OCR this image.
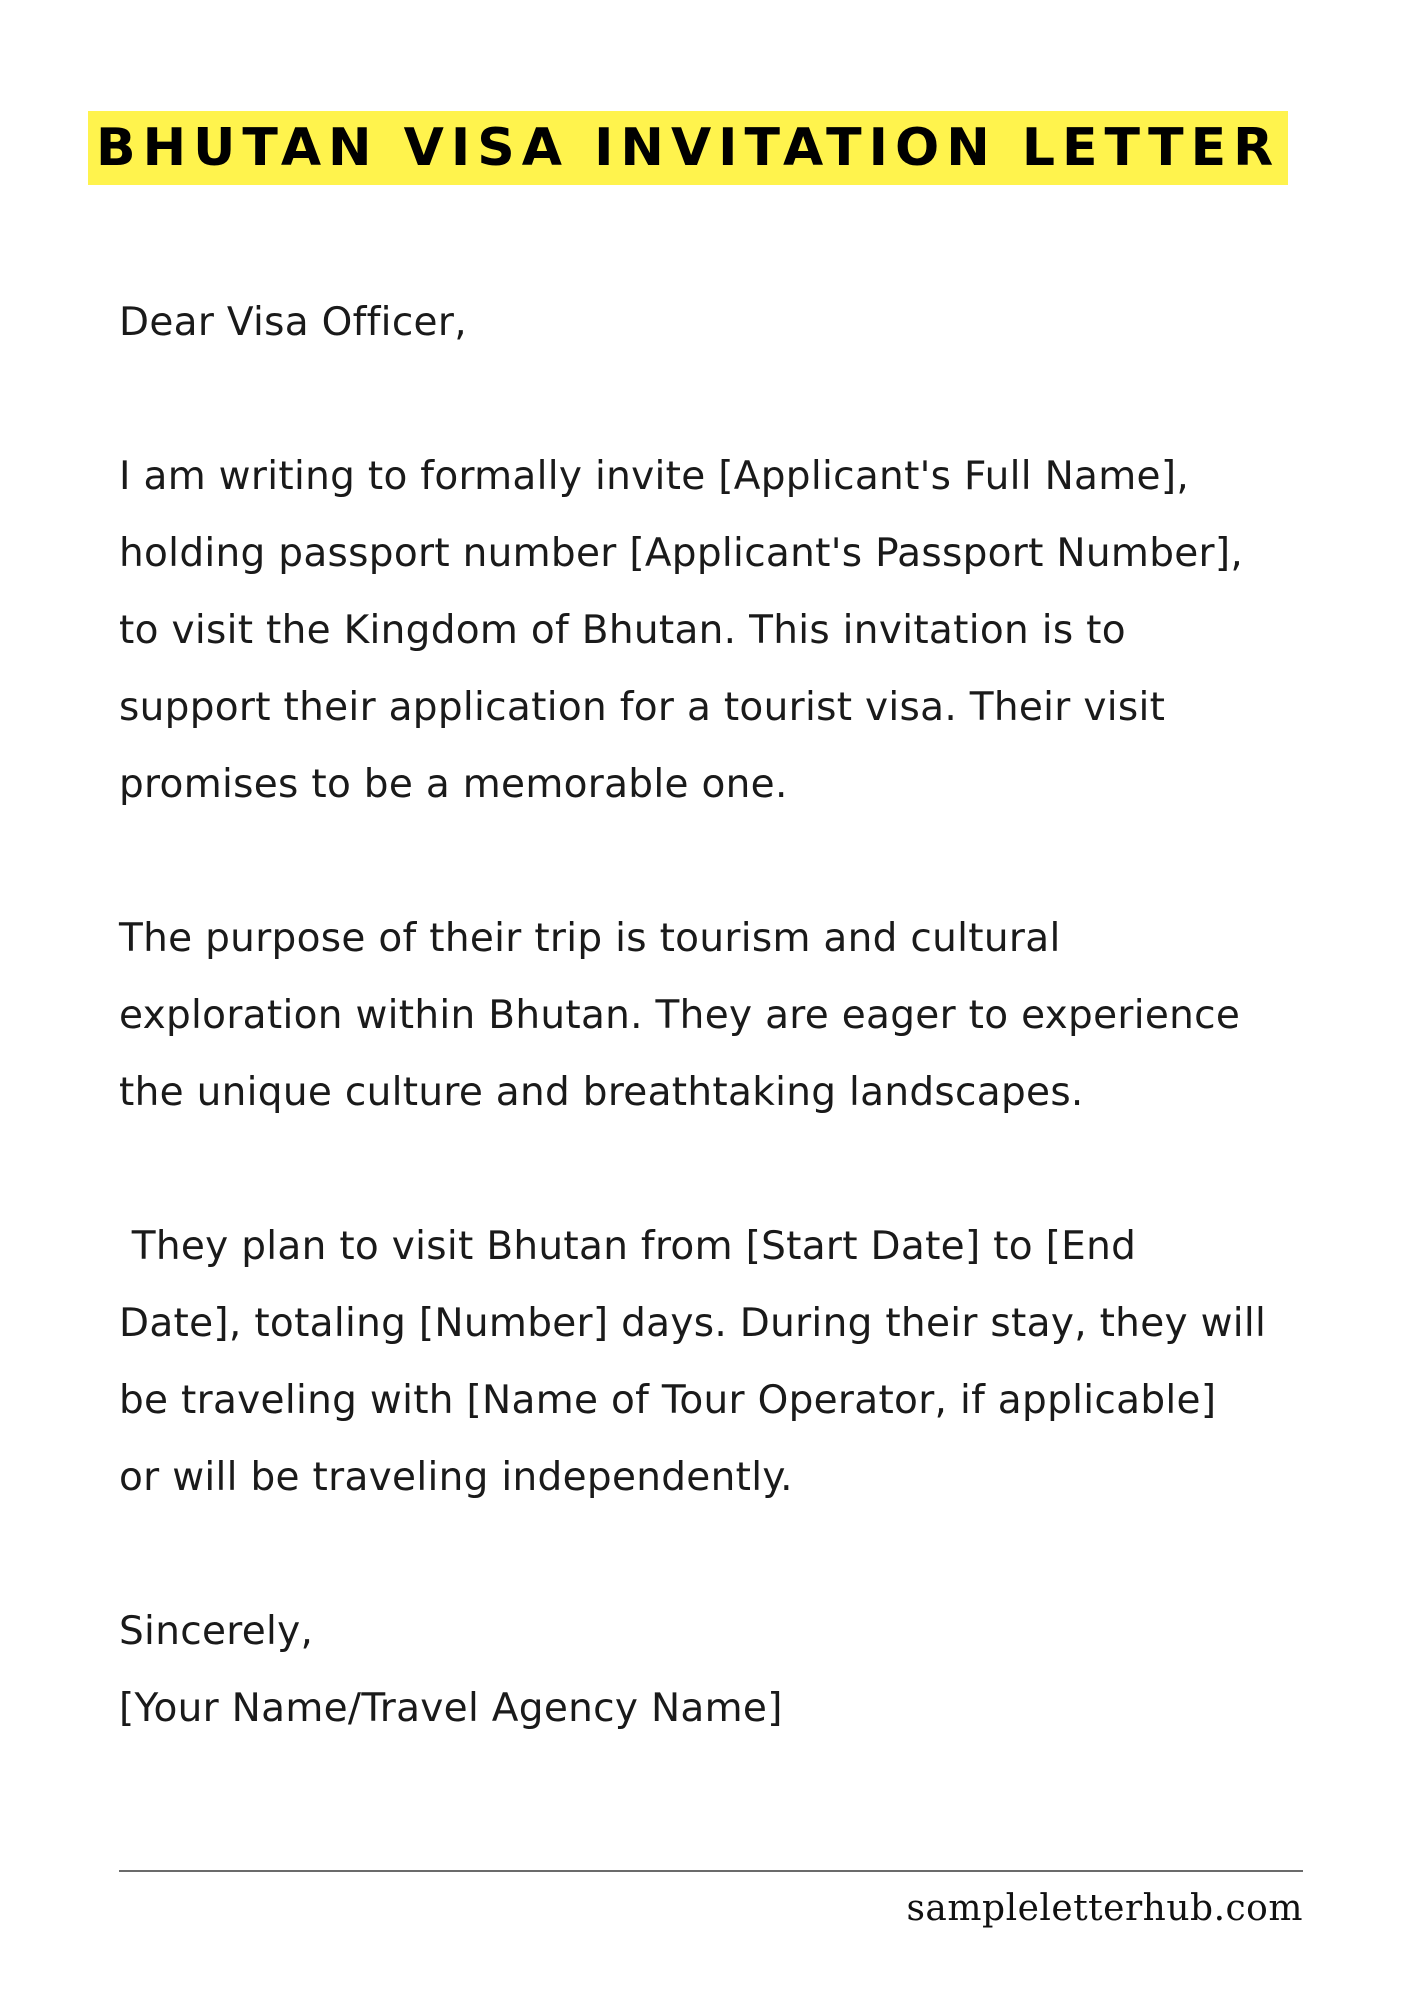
BHUTAN VISA INVITATION LETTER

Dear Visa Officer,

I am writing to formally invite [Applicant's Full Name],
holding passport number [Applicant's Passport Number],
to visit the Kingdom of Bhutan. This invitation is to
support their application for a tourist visa. Their visit
promises to be a memorable one.

The purpose of their trip is tourism and cultural
exploration within Bhutan. They are eager to experience
the unique culture and breathtaking landscapes.

They plan to visit Bhutan from [Start Date] to [End
Date], totaling [Number] days. During their stay, they will
be traveling with [Name of Tour Operator, if applicable]
or will be traveling independently.

Sincerely,

[Your Name/Travel Agency Name]

sampleletterhub.com
